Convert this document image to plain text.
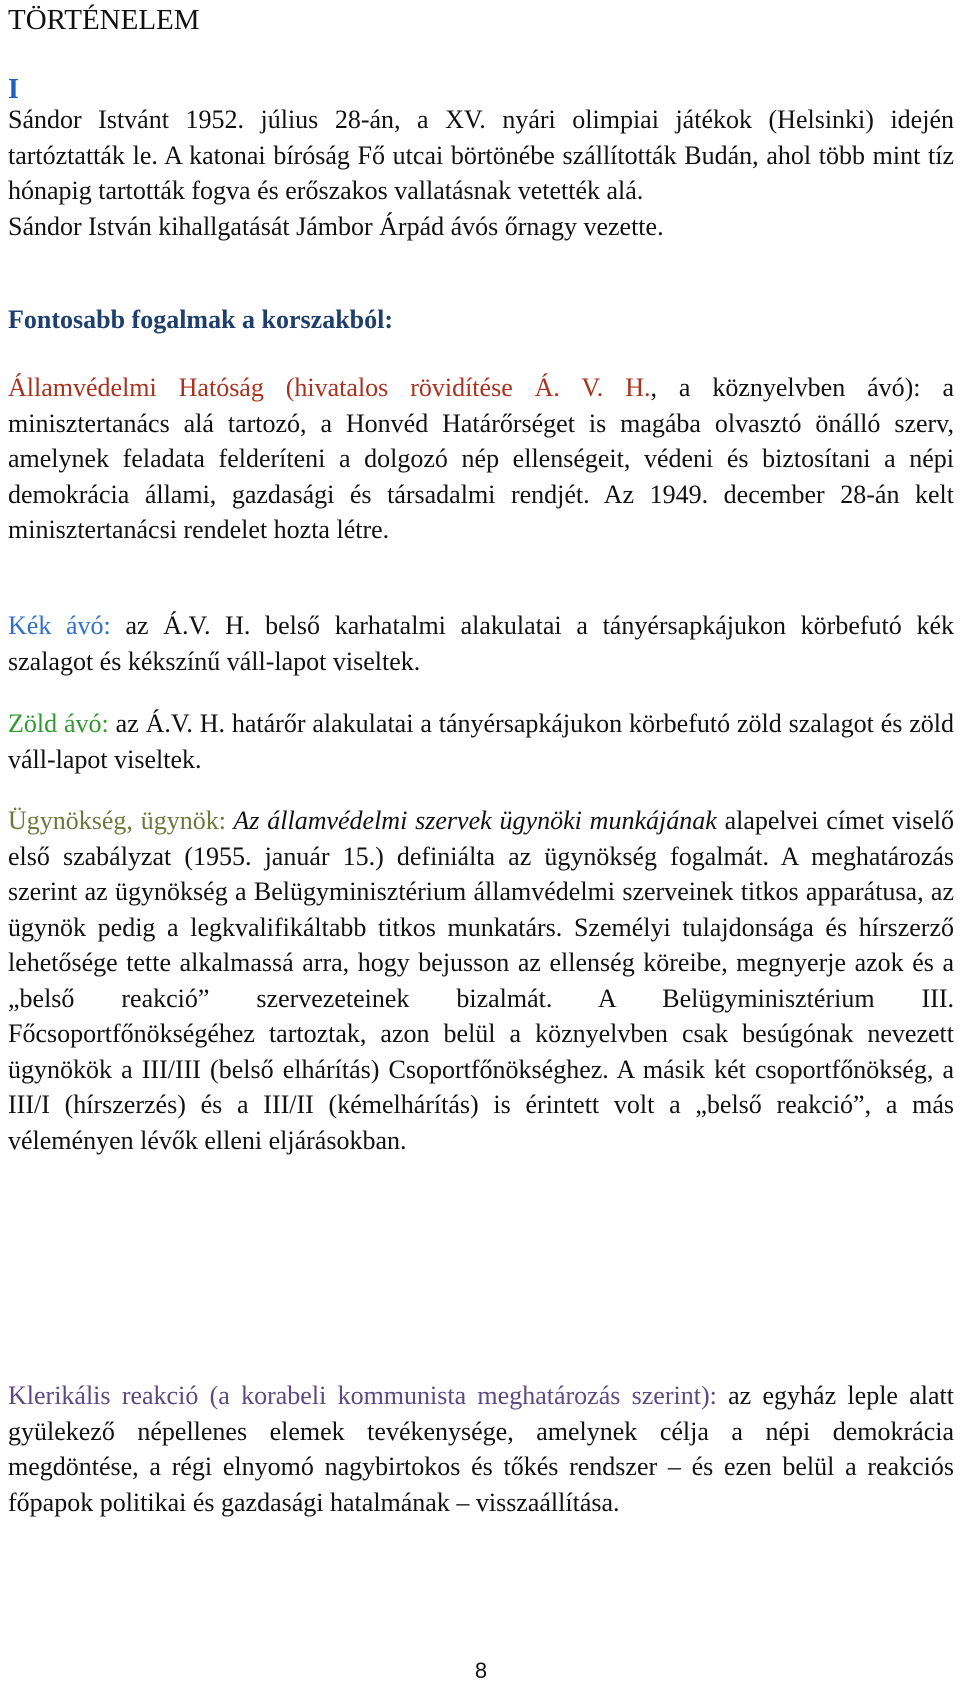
TÖRTÉNELEM
I

Sándor Istvánt 1952. július 28-án, a XV. nyári olimpiai játékok (Helsinki) idején tartóztatták le. A katonai bíróság Fő utcai börtönébe szállították Budán, ahol több mint tíz hónapig tartották fogva és erőszakos vallatásnak vetették alá.

Sándor István kihallgatását Jámbor Árpád ávós őrnagy vezette.

Fontosabb fogalmak a korszakból:

Államvédelmi Hatóság (hivatalos rövidítése Á. V. H., a köznyelvben ávó): a minisztertanács alá tartozó, a Honvéd Határőrséget is magába olvasztó önálló szerv, amelynek feladata felderíteni a dolgozó nép ellenségeit, védeni és biztosítani a népi demokrácia állami, gazdasági és társadalmi rendjét. Az 1949. december 28-án kelt minisztertanácsi rendelet hozta létre.

Kék ávó: az Á.V. H. belső karhatalmi alakulatai a tányérsapkájukon körbefutó kék szalagot és kékszínű váll-lapot viseltek.

Zöld ávó: az Á.V. H. határőr alakulatai a tányérsapkájukon körbefutó zöld szalagot és zöld váll-lapot viseltek.

Ügynökség, ügynök: Az államvédelmi szervek ügynöki munkájának alapelvei címet viselő első szabályzat (1955. január 15.) definiálta az ügynökség fogalmát. A meghatározás szerint az ügynökség a Belügyminisztérium államvédelmi szerveinek titkos apparátusa, az ügynök pedig a legkvalifikáltabb titkos munkatárs. Személyi tulajdonsága és hírszerző lehetősége tette alkalmassá arra, hogy bejusson az ellenség köreibe, megnyerje azok és a „belső reakció” szervezeteinek bizalmát. A Belügyminisztérium III. Főcsoportfőnökségéhez tartoztak, azon belül a köznyelvben csak besúgónak nevezett ügynökök a III/III (belső elhárítás) Csoportfőnökséghez. A másik két csoportfőnökség, a III/I (hírszerzés) és a III/II (kémelhárítás) is érintett volt a „belső reakció”, a más véleményen lévők elleni eljárásokban.

Klerikális reakció (a korabeli kommunista meghatározás szerint): az egyház leple alatt gyülekező népellenes elemek tevékenysége, amelynek célja a népi demokrácia megdöntése, a régi elnyomó nagybirtokos és tőkés rendszer – és ezen belül a reakciós főpapok politikai és gazdasági hatalmának – visszaállítása.

8
